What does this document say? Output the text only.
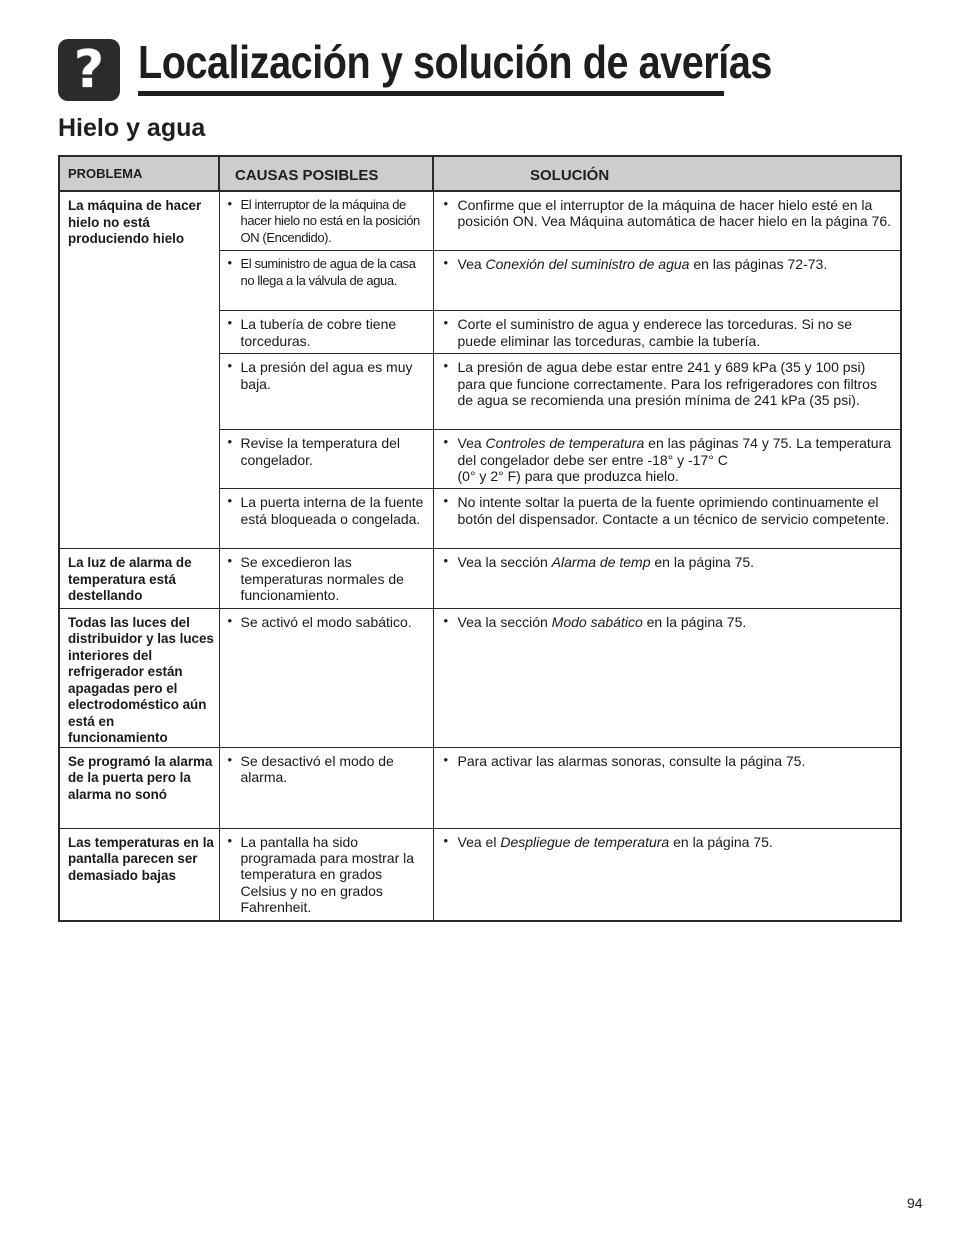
? Localización y solución de averías
Hielo y agua
PROBLEMA	CAUSAS POSIBLES	SOLUCIÓN
La máquina de hacer hielo no está produciendo hielo	• El interruptor de la máquina de hacer hielo no está en la posición ON (Encendido).	• Confirme que el interruptor de la máquina de hacer hielo esté en la posición ON. Vea Máquina automática de hacer hielo en la página 76.

	• El suministro de agua de la casa no llega a la válvula de agua.	• Vea Conexión del suministro de agua en las páginas 72-73.

	• La tubería de cobre tiene torceduras.	• Corte el suministro de agua y enderece las torceduras. Si no se puede eliminar las torceduras, cambie la tubería.

	• La presión del agua es muy baja.	• La presión de agua debe estar entre 241 y 689 kPa (35 y 100 psi) para que funcione correctamente. Para los refrigeradores con filtros de agua se recomienda una presión mínima de 241 kPa (35 psi).

	• Revise la temperatura del congelador.	• Vea Controles de temperatura en las páginas 74 y 75. La temperatura del congelador debe ser entre -18° y -17° C
(0° y 2° F) para que produzca hielo.

	• La puerta interna de la fuente está bloqueada o congelada.	• No intente soltar la puerta de la fuente oprimiendo continuamente el botón del dispensador. Contacte a un técnico de servicio competente.

La luz de alarma de temperatura está destellando	• Se excedieron las temperaturas normales de funcionamiento.	• Vea la sección Alarma de temp en la página 75.

Todas las luces del distribuidor y las luces interiores del refrigerador están apagadas pero el electrodoméstico aún está en funcionamiento	• Se activó el modo sabático.	• Vea la sección Modo sabático en la página 75.

Se programó la alarma de la puerta pero la alarma no sonó	• Se desactivó el modo de alarma.	• Para activar las alarmas sonoras, consulte la página 75.

Las temperaturas en la pantalla parecen ser demasiado bajas	• La pantalla ha sido programada para mostrar la temperatura en grados Celsius y no en grados Fahrenheit.	• Vea el Despliegue de temperatura en la página 75.
94
